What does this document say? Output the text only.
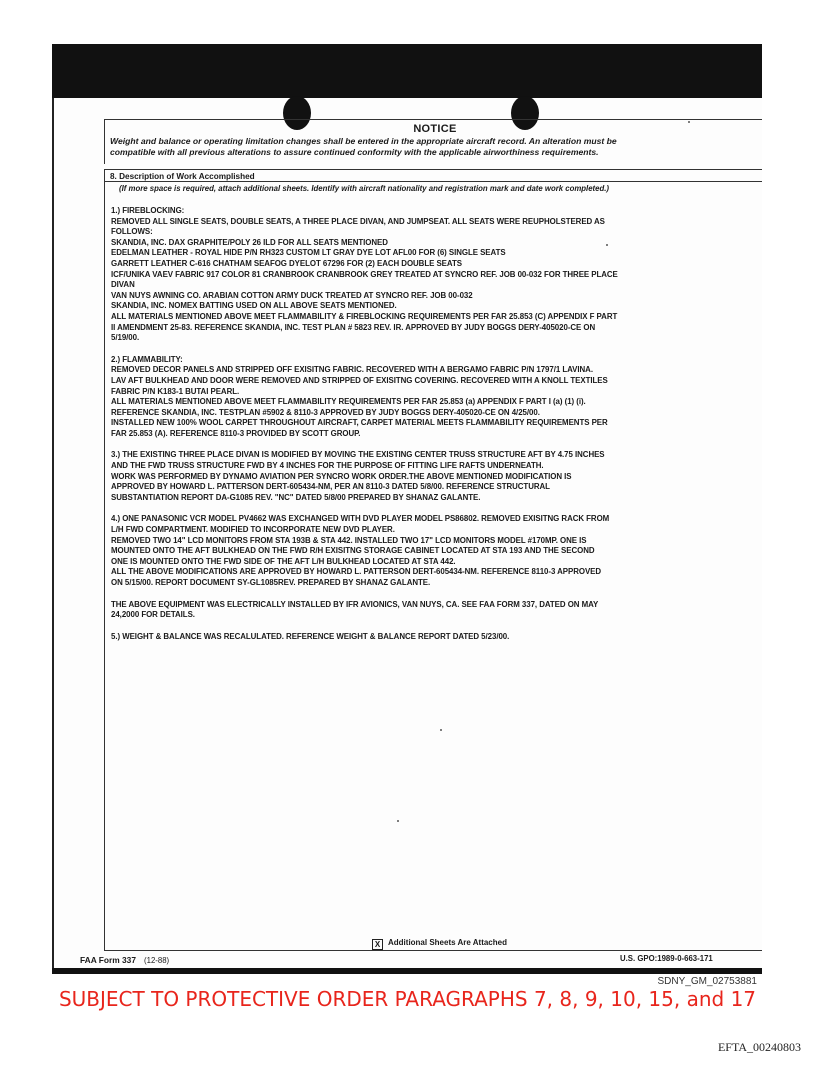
NOTICE
Weight and balance or operating limitation changes shall be entered in the appropriate aircraft record. An alteration must be
compatible with all previous alterations to assure continued conformity with the applicable airworthiness requirements.
8. Description of Work Accomplished
(If more space is required, attach additional sheets. Identify with aircraft nationality and registration mark and date work completed.)
1.) FIREBLOCKING:
REMOVED ALL SINGLE SEATS, DOUBLE SEATS, A THREE PLACE DIVAN, AND JUMPSEAT. ALL SEATS WERE REUPHOLSTERED AS
FOLLOWS:
SKANDIA, INC. DAX GRAPHITE/POLY 26 ILD FOR ALL SEATS MENTIONED
EDELMAN LEATHER - ROYAL HIDE P/N RH323 CUSTOM LT GRAY DYE LOT AFL00 FOR (6) SINGLE SEATS
GARRETT LEATHER C-616 CHATHAM SEAFOG DYELOT 67296 FOR (2) EACH DOUBLE SEATS
ICF/UNIKA VAEV FABRIC 917 COLOR 81 CRANBROOK CRANBROOK GREY TREATED AT SYNCRO REF. JOB 00-032 FOR THREE PLACE
DIVAN
VAN NUYS AWNING CO. ARABIAN COTTON ARMY DUCK TREATED AT SYNCRO REF. JOB 00-032
SKANDIA, INC. NOMEX BATTING USED ON ALL ABOVE SEATS MENTIONED.
ALL MATERIALS MENTIONED ABOVE MEET FLAMMABILITY & FIREBLOCKING REQUIREMENTS PER FAR 25.853 (C) APPENDIX F PART
II AMENDMENT 25-83. REFERENCE SKANDIA, INC. TEST PLAN # 5823 REV. IR. APPROVED BY JUDY BOGGS DERY-405020-CE ON
5/19/00.
2.) FLAMMABILITY:
REMOVED DECOR PANELS AND STRIPPED OFF EXISITNG FABRIC. RECOVERED WITH A BERGAMO FABRIC P/N 1797/1 LAVINA.
LAV AFT BULKHEAD AND DOOR WERE REMOVED AND STRIPPED OF EXISITNG COVERING. RECOVERED WITH A KNOLL TEXTILES
FABRIC P/N K183-1 BUTAI PEARL.
ALL MATERIALS MENTIONED ABOVE MEET FLAMMABILITY REQUIREMENTS PER FAR 25.853 (a) APPENDIX F PART I (a) (1) (i).
REFERENCE SKANDIA, INC. TESTPLAN #5902 & 8110-3 APPROVED BY JUDY BOGGS DERY-405020-CE ON 4/25/00.
INSTALLED NEW 100% WOOL CARPET THROUGHOUT AIRCRAFT, CARPET MATERIAL MEETS FLAMMABILITY REQUIREMENTS PER
FAR 25.853 (A). REFERENCE 8110-3 PROVIDED BY SCOTT GROUP.
3.) THE EXISTING THREE PLACE DIVAN IS MODIFIED BY MOVING THE EXISTING CENTER TRUSS STRUCTURE AFT BY 4.75 INCHES
AND THE FWD TRUSS STRUCTURE FWD BY 4 INCHES FOR THE PURPOSE OF FITTING LIFE RAFTS UNDERNEATH.
WORK WAS PERFORMED BY DYNAMO AVIATION PER SYNCRO WORK ORDER.THE ABOVE MENTIONED MODIFICATION IS
APPROVED BY HOWARD L. PATTERSON DERT-605434-NM, PER AN 8110-3 DATED 5/8/00. REFERENCE STRUCTURAL
SUBSTANTIATION REPORT DA-G1085 REV. "NC" DATED 5/8/00 PREPARED BY SHANAZ GALANTE.
4.) ONE PANASONIC VCR MODEL PV4662 WAS EXCHANGED WITH DVD PLAYER MODEL PS86802. REMOVED EXISITNG RACK FROM
L/H FWD COMPARTMENT. MODIFIED TO INCORPORATE NEW DVD PLAYER.
REMOVED TWO 14" LCD MONITORS FROM STA 193B & STA 442. INSTALLED TWO 17" LCD MONITORS MODEL #170MP. ONE IS
MOUNTED ONTO THE AFT BULKHEAD ON THE FWD R/H EXISITNG STORAGE CABINET LOCATED AT STA 193 AND THE SECOND
ONE IS MOUNTED ONTO THE FWD SIDE OF THE AFT L/H BULKHEAD LOCATED AT STA 442.
ALL THE ABOVE MODIFICATIONS ARE APPROVED BY HOWARD L. PATTERSON DERT-605434-NM. REFERENCE 8110-3 APPROVED
ON 5/15/00. REPORT DOCUMENT SY-GL1085REV. PREPARED BY SHANAZ GALANTE.
THE ABOVE EQUIPMENT WAS ELECTRICALLY INSTALLED BY IFR AVIONICS, VAN NUYS, CA. SEE FAA FORM 337, DATED ON MAY
24,2000 FOR DETAILS.
5.) WEIGHT & BALANCE WAS RECALULATED. REFERENCE WEIGHT & BALANCE REPORT DATED 5/23/00.
X Additional Sheets Are Attached
FAA Form 337 (12-88)	U.S. GPO:1989-0-663-171
SDNY_GM_02753881
SUBJECT TO PROTECTIVE ORDER PARAGRAPHS 7, 8, 9, 10, 15, and 17
EFTA_00240803
